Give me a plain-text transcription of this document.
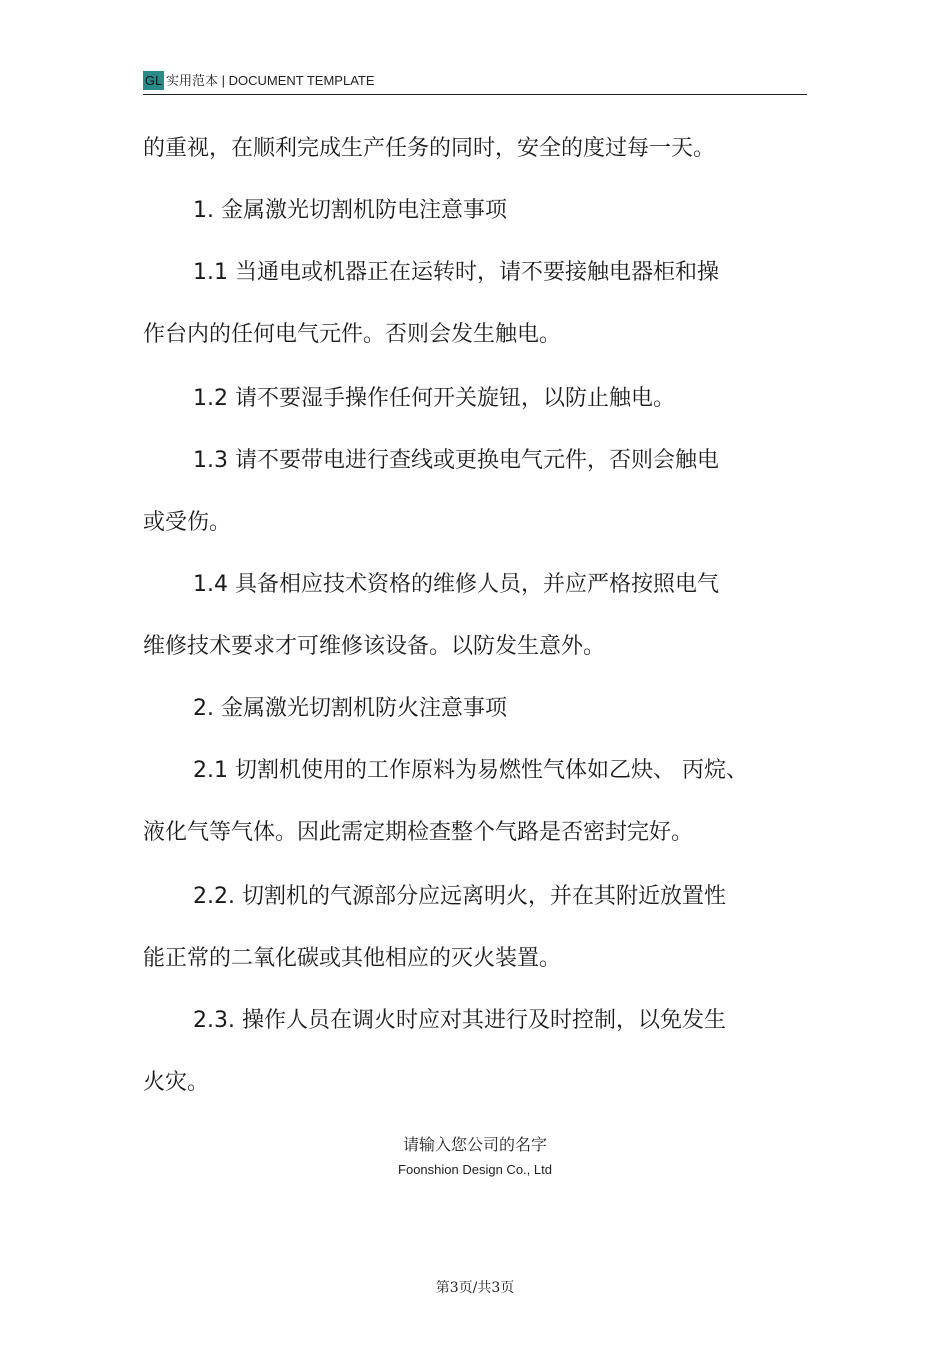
GL 实用范本 | DOCUMENT TEMPLATE
的重视，在顺利完成生产任务的同时，安全的度过每一天。
1. 金属激光切割机防电注意事项
1.1 当通电或机器正在运转时，请不要接触电器柜和操
作台内的任何电气元件。否则会发生触电。
1.2 请不要湿手操作任何开关旋钮，以防止触电。
1.3 请不要带电进行查线或更换电气元件，否则会触电
或受伤。
1.4 具备相应技术资格的维修人员，并应严格按照电气
维修技术要求才可维修该设备。以防发生意外。
2. 金属激光切割机防火注意事项
2.1 切割机使用的工作原料为易燃性气体如乙炔、 丙烷、
液化气等气体。因此需定期检查整个气路是否密封完好。
2.2. 切割机的气源部分应远离明火，并在其附近放置性
能正常的二氧化碳或其他相应的灭火装置。
2.3. 操作人员在调火时应对其进行及时控制，以免发生
火灾。
请输入您公司的名字
Foonshion Design Co., Ltd
第3页/共3页
